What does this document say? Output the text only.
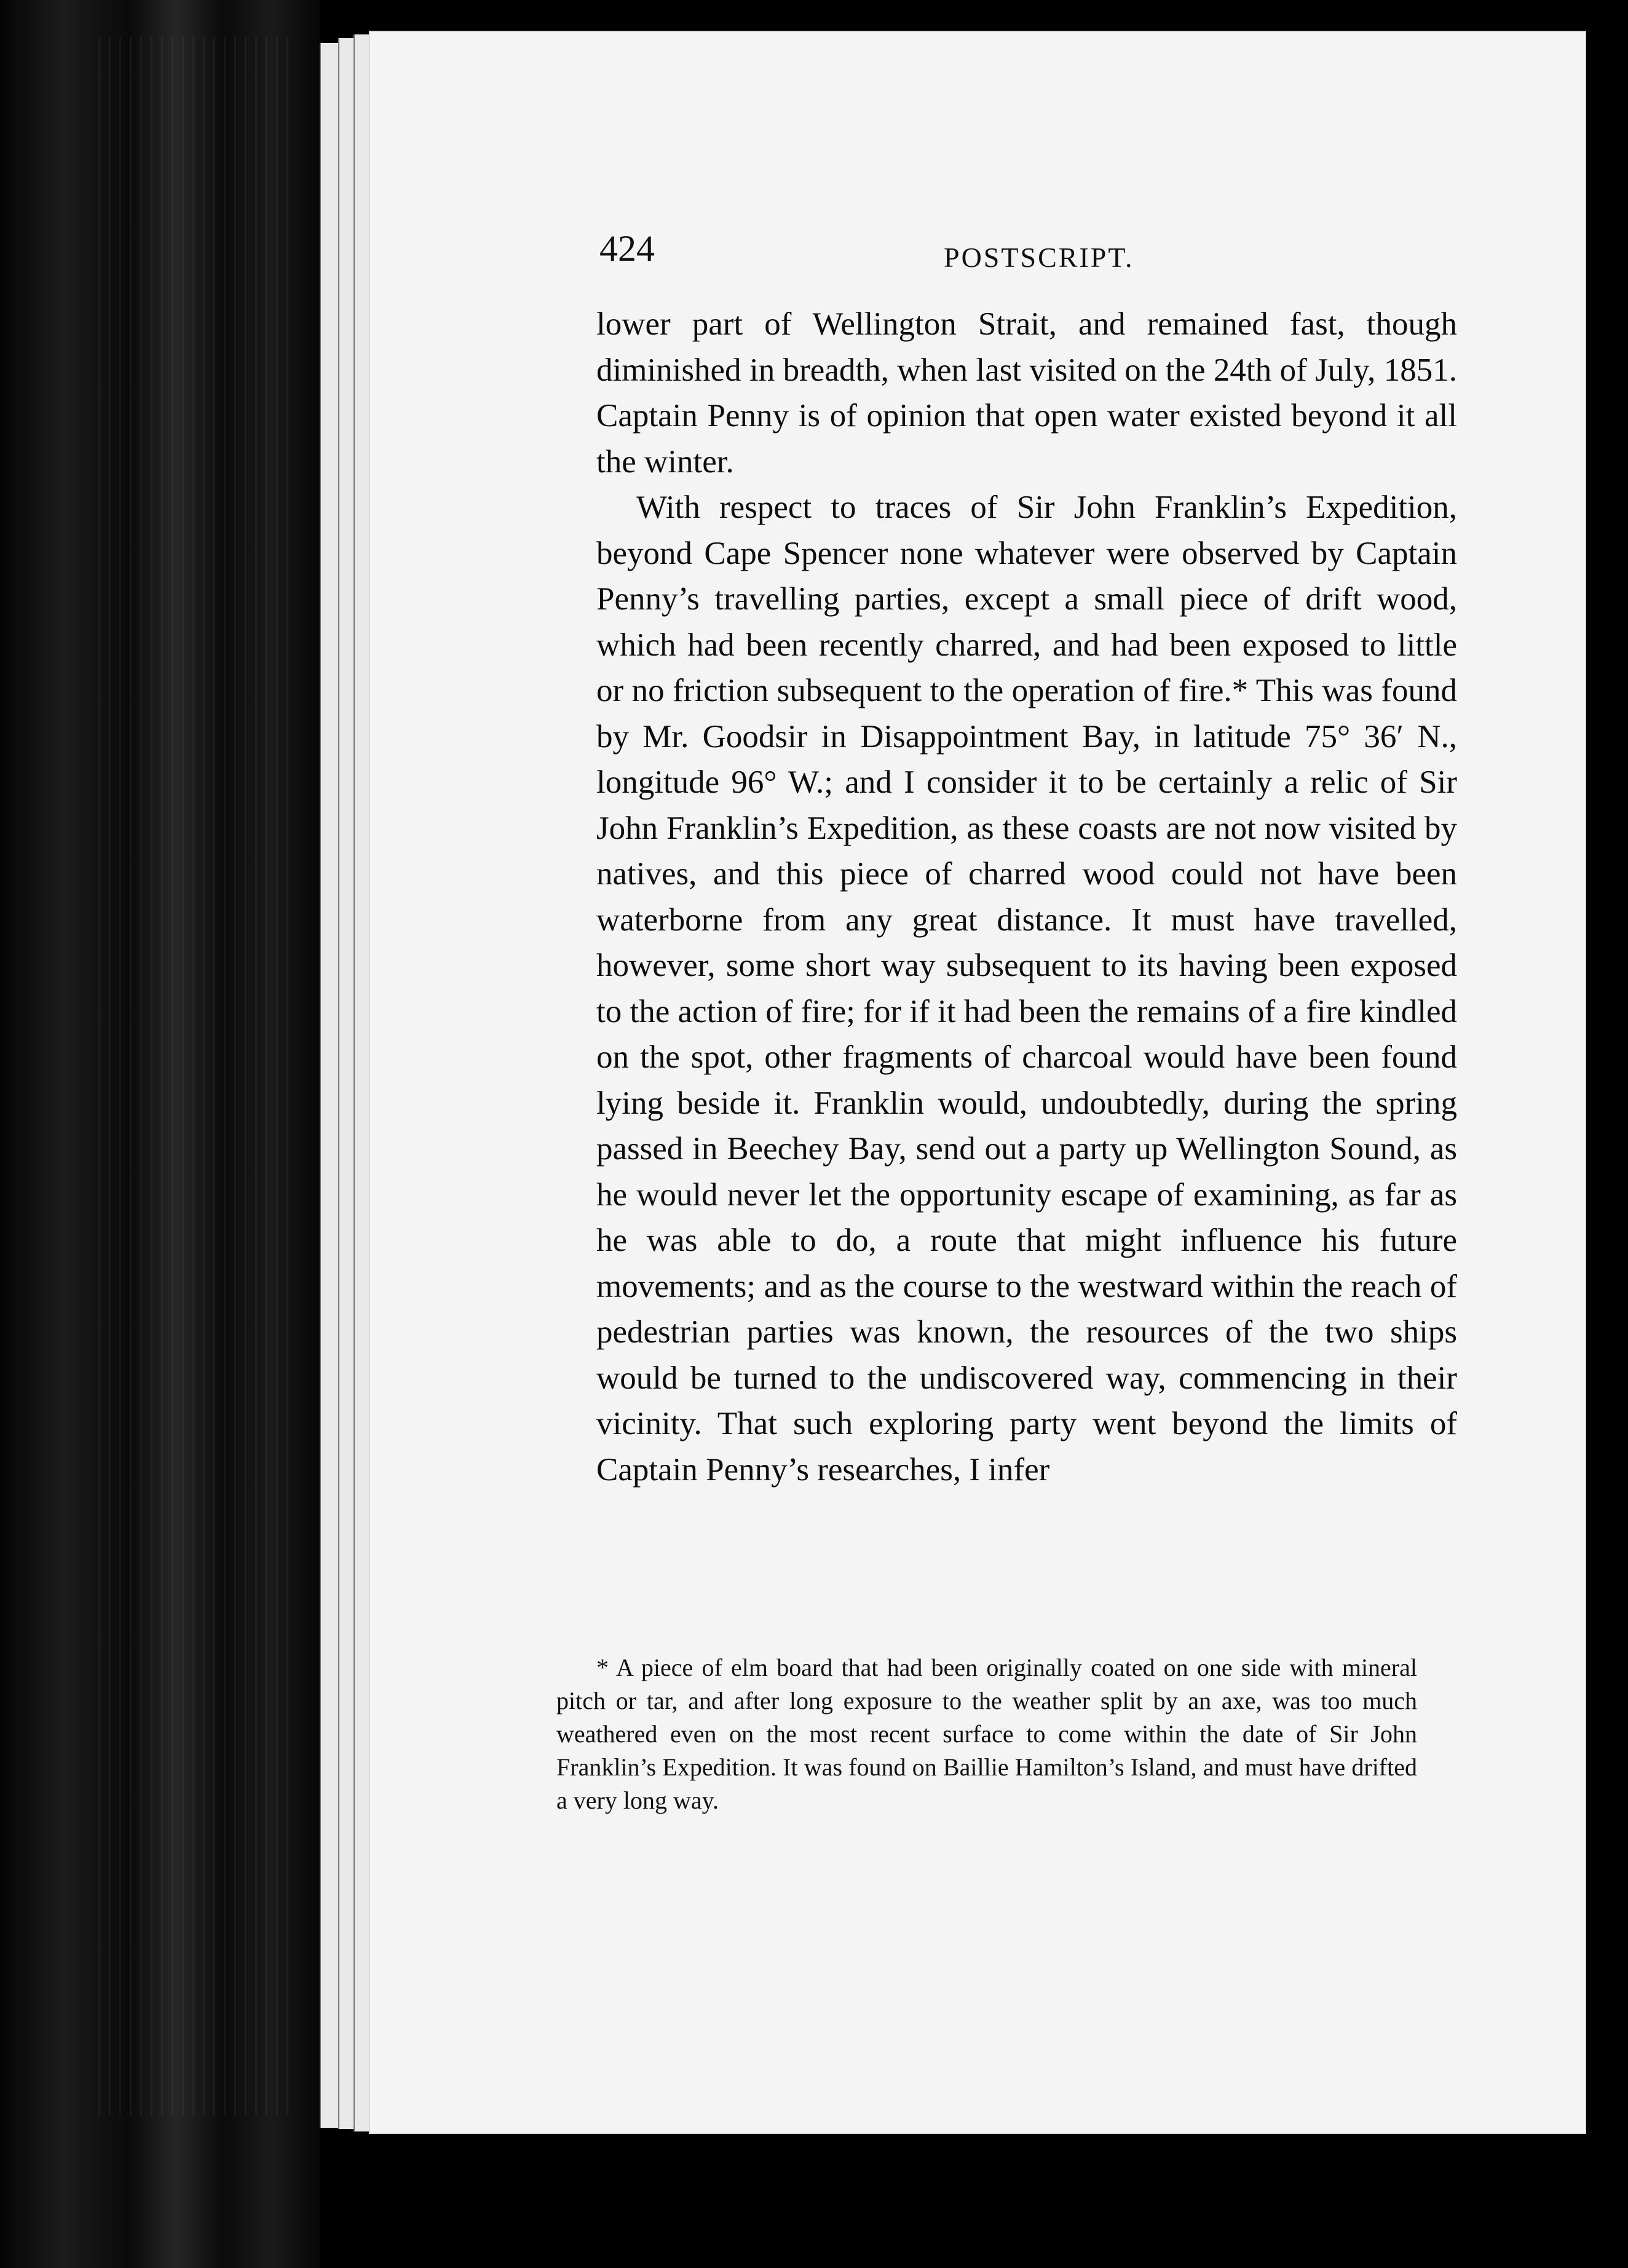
424	POSTSCRIPT.

lower part of Wellington Strait, and remained fast, though diminished in breadth, when last visited on the 24th of July, 1851. Captain Penny is of opinion that open water existed beyond it all the winter.

With respect to traces of Sir John Franklin’s Expedition, beyond Cape Spencer none whatever were observed by Captain Penny’s travelling parties, except a small piece of drift wood, which had been recently charred, and had been exposed to little or no friction subsequent to the operation of fire.* This was found by Mr. Goodsir in Disappointment Bay, in latitude 75° 36′ N., longitude 96° W.; and I consider it to be certainly a relic of Sir John Franklin’s Expedition, as these coasts are not now visited by natives, and this piece of charred wood could not have been waterborne from any great distance. It must have travelled, however, some short way subsequent to its having been exposed to the action of fire; for if it had been the remains of a fire kindled on the spot, other fragments of charcoal would have been found lying beside it. Franklin would, undoubtedly, during the spring passed in Beechey Bay, send out a party up Wellington Sound, as he would never let the opportunity escape of examining, as far as he was able to do, a route that might influence his future movements; and as the course to the westward within the reach of pedestrian parties was known, the resources of the two ships would be turned to the undiscovered way, commencing in their vicinity. That such exploring party went beyond the limits of Captain Penny’s researches, I infer

* A piece of elm board that had been originally coated on one side with mineral pitch or tar, and after long exposure to the weather split by an axe, was too much weathered even on the most recent surface to come within the date of Sir John Franklin’s Expedition. It was found on Baillie Hamilton’s Island, and must have drifted a very long way.
